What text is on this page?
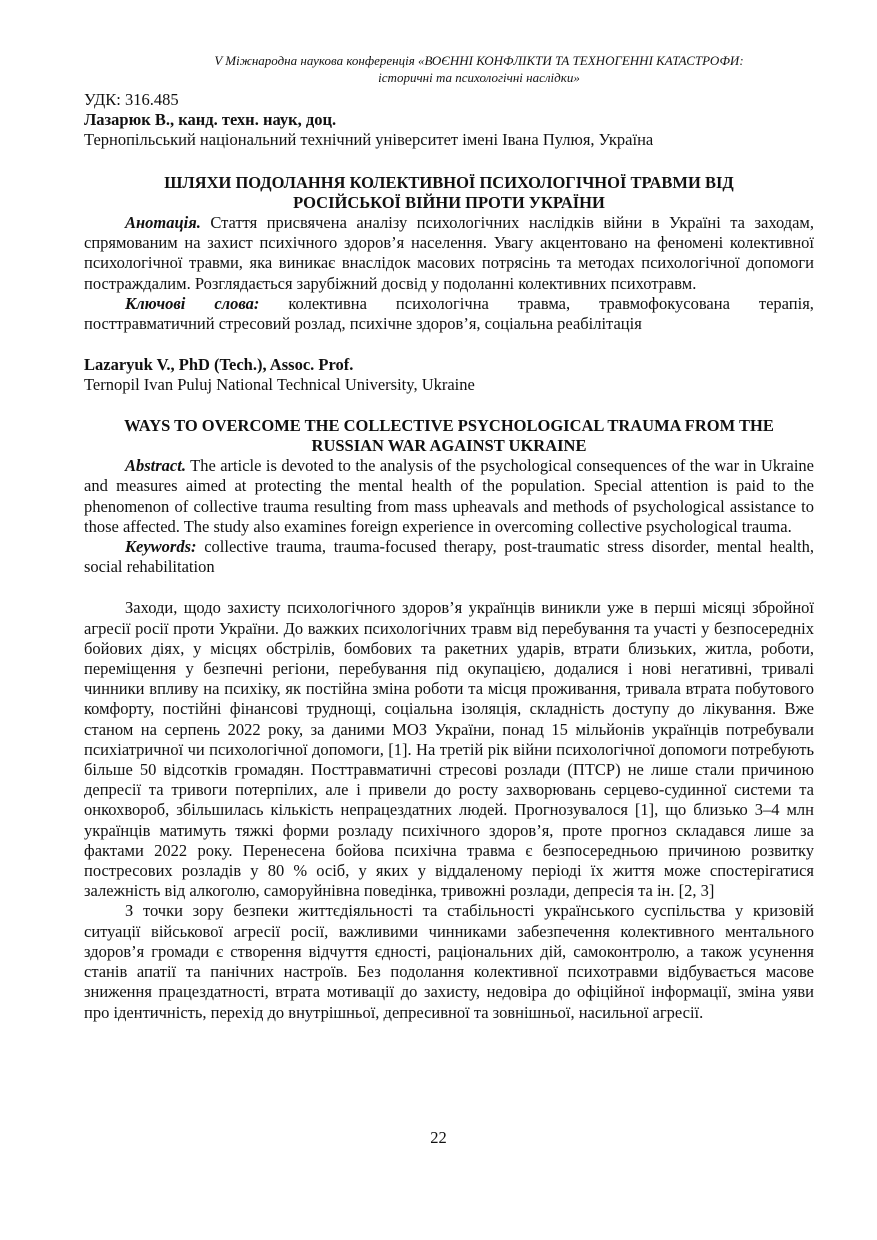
V Міжнародна наукова конференція «ВОЄННІ КОНФЛІКТИ ТА ТЕХНОГЕННІ КАТАСТРОФИ:
історичні та психологічні наслідки»
УДК: 316.485
Лазарюк В., канд. техн. наук, доц.
Тернопільський національний технічний університет імені Івана Пулюя, Україна
ШЛЯХИ ПОДОЛАННЯ КОЛЕКТИВНОЇ ПСИХОЛОГІЧНОЇ ТРАВМИ ВІД
РОСІЙСЬКОЇ ВІЙНИ ПРОТИ УКРАЇНИ

Анотація. Стаття присвячена аналізу психологічних наслідків війни в Україні та заходам, спрямованим на захист психічного здоров’я населення. Увагу акцентовано на феномені колективної психологічної травми, яка виникає внаслідок масових потрясінь та методах психологічної допомоги постраждалим. Розглядається зарубіжний досвід у подоланні колективних психотравм.

Ключові слова: колективна психологічна травма, травмофокусована терапія,

посттравматичний стресовий розлад, психічне здоров’я, соціальна реабілітація

Lazaryuk V., PhD (Tech.), Assoc. Prof.
Ternopil Ivan Puluj National Technical University, Ukraine
WAYS TO OVERCOME THE COLLECTIVE PSYCHOLOGICAL TRAUMA FROM THE
RUSSIAN WAR AGAINST UKRAINE

Abstract. The article is devoted to the analysis of the psychological consequences of the war in Ukraine and measures aimed at protecting the mental health of the population. Special attention is paid to the phenomenon of collective trauma resulting from mass upheavals and methods of psychological assistance to those affected. The study also examines foreign experience in overcoming collective psychological trauma.

Keywords: collective trauma, trauma-focused therapy, post-traumatic stress disorder, mental health, social rehabilitation

Заходи, щодо захисту психологічного здоров’я українців виникли уже в перші місяці збройної агресії росії проти України. До важких психологічних травм від перебування та участі у безпосередніх бойових діях, у місцях обстрілів, бомбових та ракетних ударів, втрати близьких, житла, роботи, переміщення у безпечні регіони, перебування під окупацією, додалися і нові негативні, тривалі чинники впливу на психіку, як постійна зміна роботи та місця проживання, тривала втрата побутового комфорту, постійні фінансові труднощі, соціальна ізоляція, складність доступу до лікування. Вже станом на серпень 2022 року, за даними МОЗ України, понад 15 мільйонів українців потребували психіатричної чи психологічної допомоги, [1]. На третій рік війни психологічної допомоги потребують більше 50 відсотків громадян. Посттравматичні стресові розлади (ПТСР) не лише стали причиною депресії та тривоги потерпілих, але і привели до росту захворювань серцево-судинної системи та онкохвороб, збільшилась кількість непрацездатних людей. Прогнозувалося [1], що близько 3–4 млн українців матимуть тяжкі форми розладу психічного здоров’я, проте прогноз складався лише за фактами 2022 року. Перенесена бойова психічна травма є безпосередньою причиною розвитку постресових розладів у 80 % осіб, у яких у віддаленому періоді їх життя може спостерігатися залежність від алкоголю, саморуйнівна поведінка, тривожні розлади, депресія та ін. [2, 3]

З точки зору безпеки життєдіяльності та стабільності українського суспільства у кризовій ситуації військової агресії росії, важливими чинниками забезпечення колективного ментального здоров’я громади є створення відчуття єдності, раціональних дій, самоконтролю, а також усунення станів апатії та панічних настроїв. Без подолання колективної психотравми відбувається масове зниження працездатності, втрата мотивації до захисту, недовіра до офіційної інформації, зміна уяви про ідентичність, перехід до внутрішньої, депресивної та зовнішньої, насильної агресії.

22
